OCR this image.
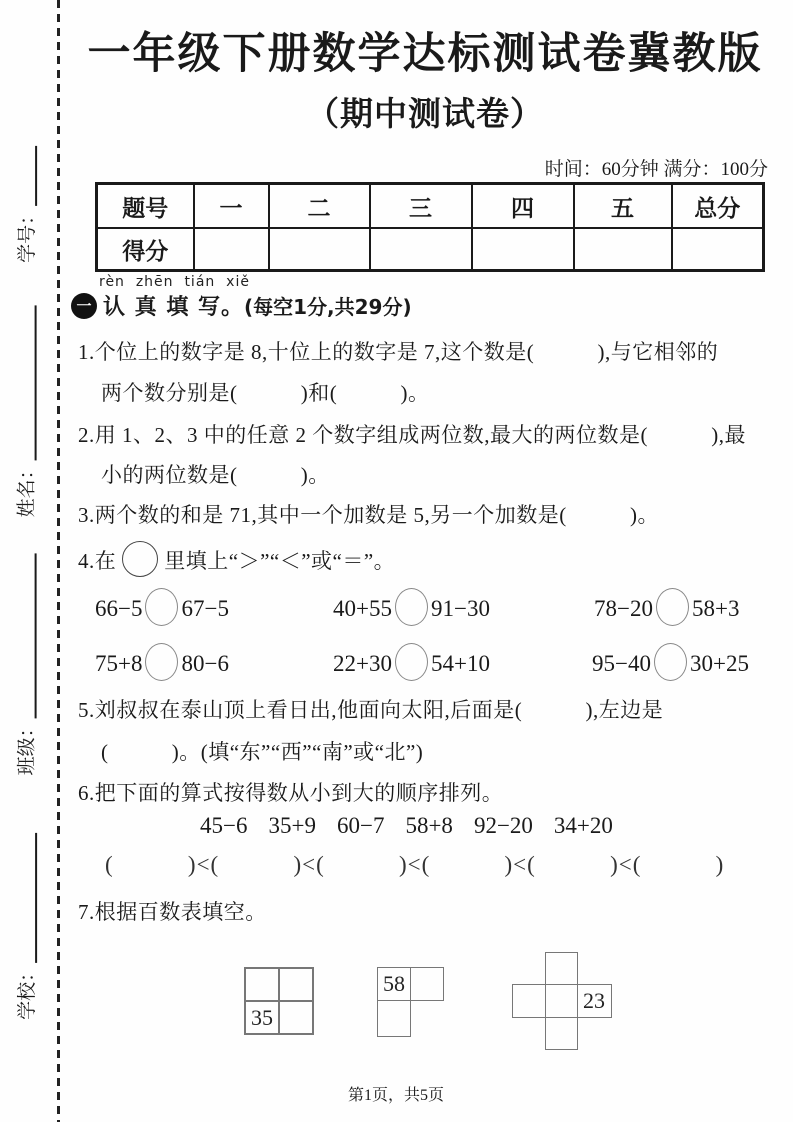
学号：
姓名：
班级：
学校：
一年级下册数学达标测试卷冀教版
（期中测试卷）
时间：60分钟 满分：100分
题号	一	二	三	四	五	总分
得分						
rèn  zhēn  tián  xiě
一 认 真 填 写。 (每空1分,共29分)
1.个位上的数字是 8,十位上的数字是 7,这个数是(           ),与它相邻的
两个数分别是(           )和(           )。
2.用 1、2、3 中的任意 2 个数字组成两位数,最大的两位数是(           ),最
小的两位数是(           )。
3.两个数的和是 71,其中一个加数是 5,另一个加数是(           )。
4.在 里填上“＞”“＜”或“＝”。
66−5 67−5	40+55 91−30	78−20 58+3
75+8 80−6	22+30 54+10	95−40 30+25
5.刘叔叔在泰山顶上看日出,他面向太阳,后面是(           ),左边是
(           )。(填“东”“西”“南”或“北”)
6.把下面的算式按得数从小到大的顺序排列。
45−6 35+9 60−7 58+8 92−20 34+20
(           )<(           )<(           )<(           )<(           )<(           )
7.根据百数表填空。
35
58
23
第1页，共5页
